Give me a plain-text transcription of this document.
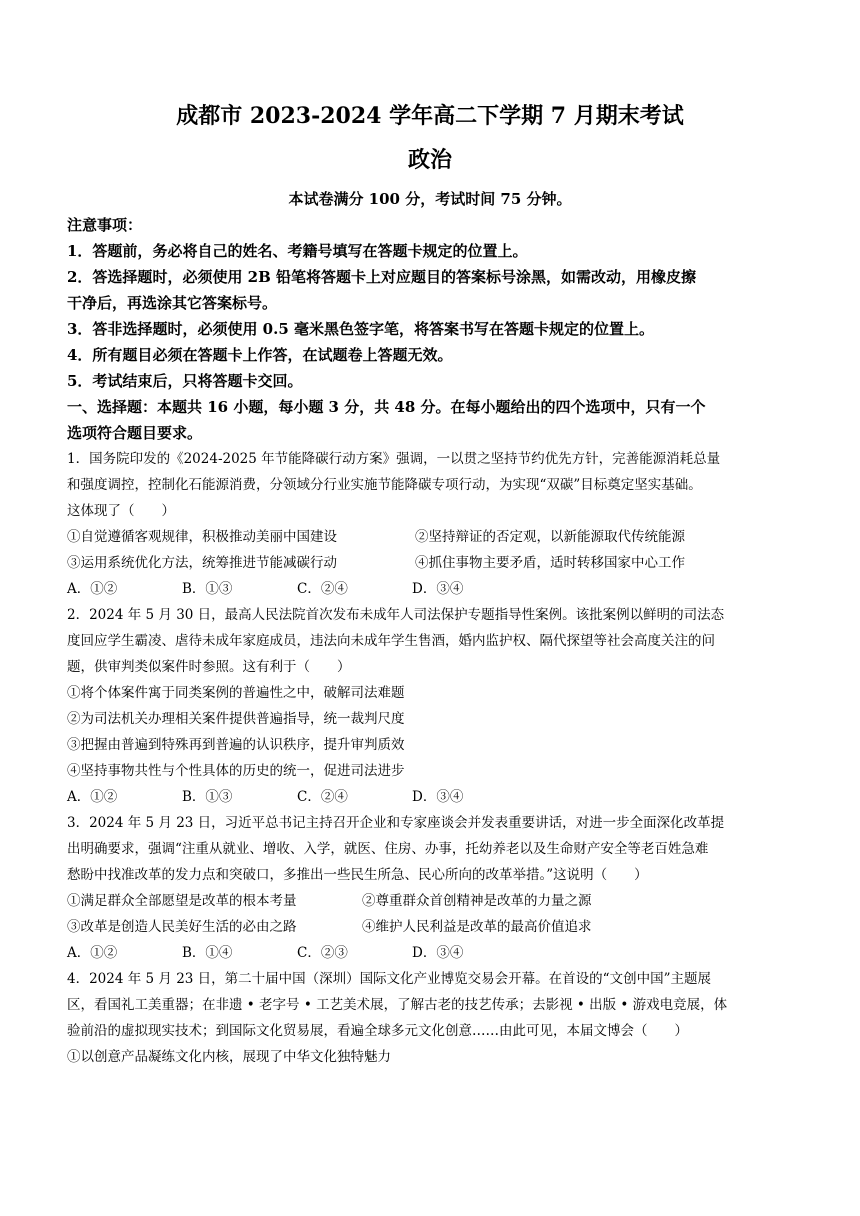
成都市 2023-2024 学年高二下学期 7 月期末考试
政治
本试卷满分 100 分，考试时间 75 分钟。

注意事项：

1．答题前，务必将自己的姓名、考籍号填写在答题卡规定的位置上。

2．答选择题时，必须使用 2B 铅笔将答题卡上对应题目的答案标号涂黑，如需改动，用橡皮擦

干净后，再选涂其它答案标号。

3．答非选择题时，必须使用 0.5 毫米黑色签字笔，将答案书写在答题卡规定的位置上。

4．所有题目必须在答题卡上作答，在试题卷上答题无效。

5．考试结束后，只将答题卡交回。

一、选择题：本题共 16 小题，每小题 3 分，共 48 分。在每小题给出的四个选项中，只有一个

选项符合题目要求。

1．国务院印发的《2024-2025 年节能降碳行动方案》强调，一以贯之坚持节约优先方针，完善能源消耗总量

和强度调控，控制化石能源消费，分领域分行业实施节能降碳专项行动，为实现“双碳”目标奠定坚实基础。

这体现了（　　）

①自觉遵循客观规律，积极推动美丽中国建设	②坚持辩证的否定观，以新能源取代传统能源
③运用系统优化方法，统筹推进节能减碳行动	④抓住事物主要矛盾，适时转移国家中心工作
A．①②	B．①③	C．②④	D．③④

2．2024 年 5 月 30 日，最高人民法院首次发布未成年人司法保护专题指导性案例。该批案例以鲜明的司法态

度回应学生霸凌、虐待未成年家庭成员，违法向未成年学生售酒，婚内监护权、隔代探望等社会高度关注的问

题，供审判类似案件时参照。这有利于（　　）

①将个体案件寓于同类案例的普遍性之中，破解司法难题

②为司法机关办理相关案件提供普遍指导，统一裁判尺度

③把握由普遍到特殊再到普遍的认识秩序，提升审判质效

④坚持事物共性与个性具体的历史的统一，促进司法进步

A．①②	B．①③	C．②④	D．③④

3．2024 年 5 月 23 日，习近平总书记主持召开企业和专家座谈会并发表重要讲话，对进一步全面深化改革提

出明确要求，强调“注重从就业、增收、入学，就医、住房、办事，托幼养老以及生命财产安全等老百姓急难

愁盼中找准改革的发力点和突破口，多推出一些民生所急、民心所向的改革举措。”这说明（　　）

①满足群众全部愿望是改革的根本考量	②尊重群众首创精神是改革的力量之源
③改革是创造人民美好生活的必由之路	④维护人民利益是改革的最高价值追求
A．①②	B．①④	C．②③	D．③④

4．2024 年 5 月 23 日，第二十届中国（深圳）国际文化产业博览交易会开幕。在首设的“文创中国”主题展

区，看国礼工美重器；在非遗 • 老字号 • 工艺美术展，了解古老的技艺传承；去影视 • 出版 • 游戏电竞展，体

验前沿的虚拟现实技术；到国际文化贸易展，看遍全球多元文化创意……由此可见，本届文博会（　　）

①以创意产品凝练文化内核，展现了中华文化独特魅力
